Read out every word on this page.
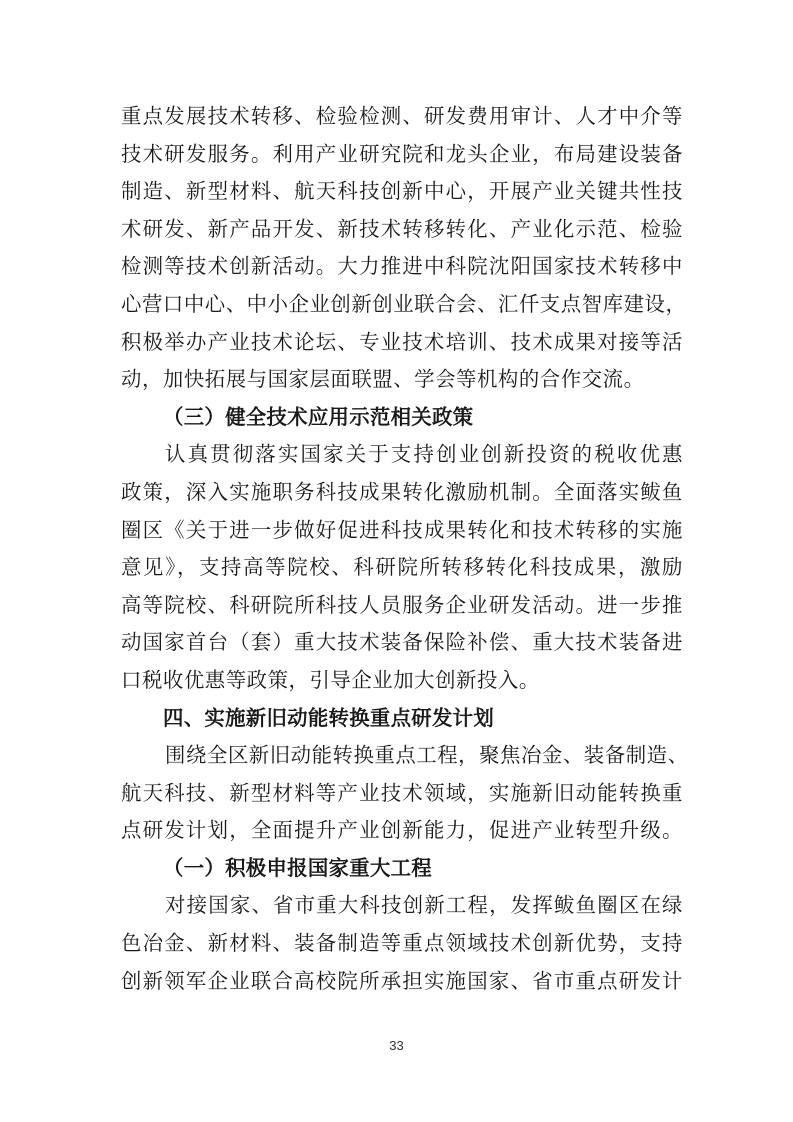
重点发展技术转移、检验检测、研发费用审计、人才中介等
技术研发服务。利用产业研究院和龙头企业，布局建设装备
制造、新型材料、航天科技创新中心，开展产业关键共性技
术研发、新产品开发、新技术转移转化、产业化示范、检验
检测等技术创新活动。大力推进中科院沈阳国家技术转移中
心营口中心、中小企业创新创业联合会、汇仟支点智库建设，
积极举办产业技术论坛、专业技术培训、技术成果对接等活
动，加快拓展与国家层面联盟、学会等机构的合作交流。
（三）健全技术应用示范相关政策
认真贯彻落实国家关于支持创业创新投资的税收优惠
政策，深入实施职务科技成果转化激励机制。全面落实鲅鱼
圈区《关于进一步做好促进科技成果转化和技术转移的实施
意见》，支持高等院校、科研院所转移转化科技成果，激励
高等院校、科研院所科技人员服务企业研发活动。进一步推
动国家首台（套）重大技术装备保险补偿、重大技术装备进
口税收优惠等政策，引导企业加大创新投入。
四、实施新旧动能转换重点研发计划
围绕全区新旧动能转换重点工程，聚焦冶金、装备制造、
航天科技、新型材料等产业技术领域，实施新旧动能转换重
点研发计划，全面提升产业创新能力，促进产业转型升级。
（一）积极申报国家重大工程
对接国家、省市重大科技创新工程，发挥鲅鱼圈区在绿
色冶金、新材料、装备制造等重点领域技术创新优势，支持
创新领军企业联合高校院所承担实施国家、省市重点研发计
33
